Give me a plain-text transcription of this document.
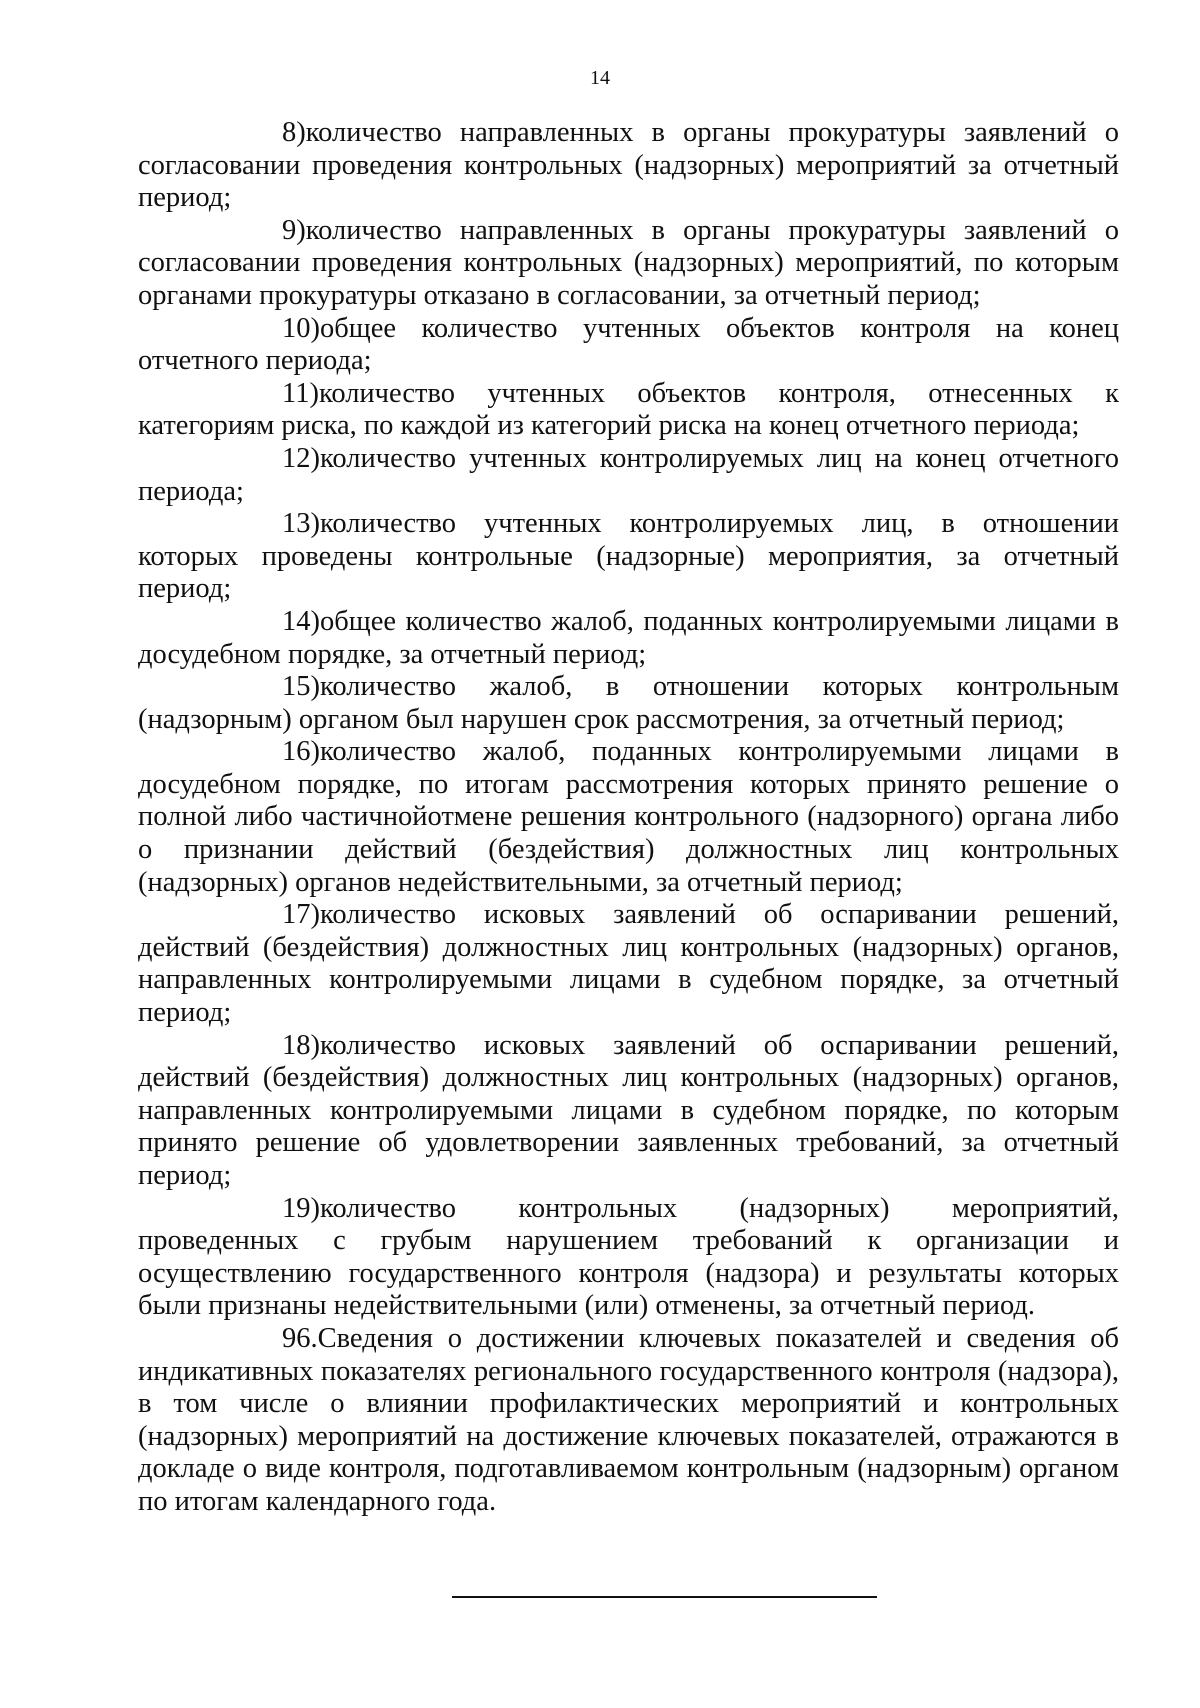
14

8)количество направленных в органы прокуратуры заявлений о согласовании проведения контрольных (надзорных) мероприятий за отчетный период;

9)количество направленных в органы прокуратуры заявлений о согласовании проведения контрольных (надзорных) мероприятий, по которым органами прокуратуры отказано в согласовании, за отчетный период;

10)общее количество учтенных объектов контроля на конец отчетного периода;

11)количество учтенных объектов контроля, отнесенных к категориям риска, по каждой из категорий риска на конец отчетного периода;

12)количество учтенных контролируемых лиц на конец отчетного периода;

13)количество учтенных контролируемых лиц, в отношении которых проведены контрольные (надзорные) мероприятия, за отчетный период;

14)общее количество жалоб, поданных контролируемыми лицами в досудебном порядке, за отчетный период;

15)количество жалоб, в отношении которых контрольным (надзорным) органом был нарушен срок рассмотрения, за отчетный период;

16)количество жалоб, поданных контролируемыми лицами в досудебном порядке, по итогам рассмотрения которых принято решение о полной либо частичнойотмене решения контрольного (надзорного) органа либо о признании действий (бездействия) должностных лиц контрольных (надзорных) органов недействительными, за отчетный период;

17)количество исковых заявлений об оспаривании решений, действий (бездействия) должностных лиц контрольных (надзорных) органов, направленных контролируемыми лицами в судебном порядке, за отчетный период;

18)количество исковых заявлений об оспаривании решений, действий (бездействия) должностных лиц контрольных (надзорных) органов, направленных контролируемыми лицами в судебном порядке, по которым принято решение об удовлетворении заявленных требований, за отчетный период;

19)количество контрольных (надзорных) мероприятий, проведенных с грубым нарушением требований к организации и осуществлению государственного контроля (надзора) и результаты которых были признаны недействительными (или) отменены, за отчетный период.

96.Сведения о достижении ключевых показателей и сведения об индикативных показателях регионального государственного контроля (надзора), в том числе о влиянии профилактических мероприятий и контрольных (надзорных) мероприятий на достижение ключевых показателей, отражаются в докладе о виде контроля, подготавливаемом контрольным (надзорным) органом по итогам календарного года.
